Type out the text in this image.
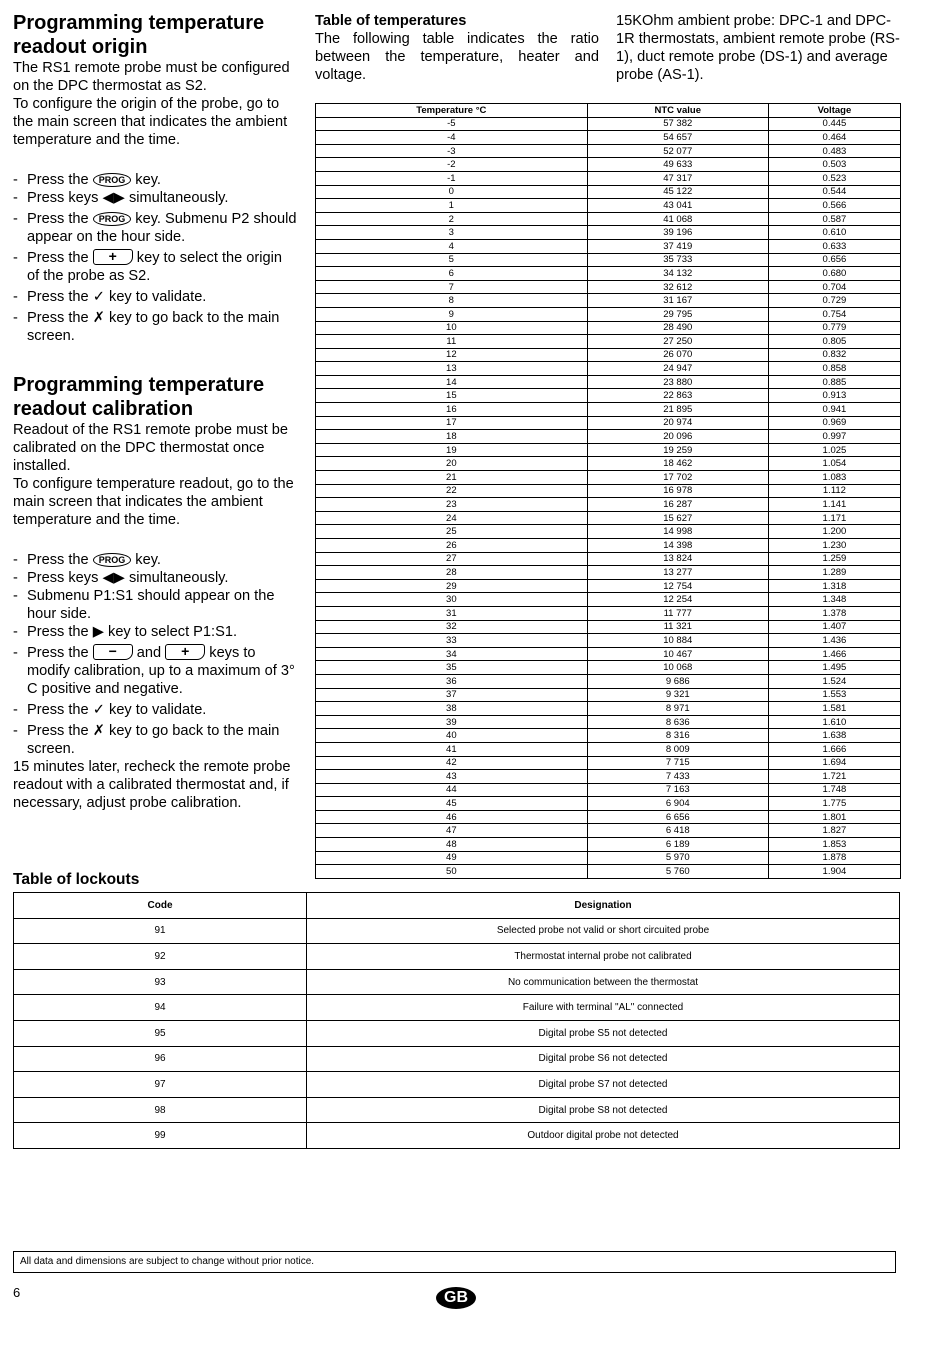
Programming temperature readout origin

The RS1 remote probe must be configured on the DPC thermostat as S2.

To configure the origin of the probe, go to the main screen that indicates the ambient temperature and the time.

- Press the PROG key.
- Press keys ◀▶ simultaneously.
- Press the PROG key. Submenu P2 should appear on the hour side.
- Press the + key to select the origin of the probe as S2.
- Press the ✓ key to validate.
- Press the ✗ key to go back to the main screen.
Programming temperature readout calibration

Readout of the RS1 remote probe must be calibrated on the DPC thermostat once installed.

To configure temperature readout, go to the main screen that indicates the ambient temperature and the time.

- Press the PROG key.
- Press keys ◀▶ simultaneously.
- Submenu P1:S1 should appear on the hour side.
- Press the ▶ key to select P1:S1.
- Press the − and + keys to modify calibration, up to a maximum of 3° C positive and negative.
- Press the ✓ key to validate.
- Press the ✗ key to go back to the main screen.

15 minutes later, recheck the remote probe readout with a calibrated thermostat and, if necessary, adjust probe calibration.

Table of temperatures

The following table indicates the ratio between the temperature, heater and voltage.

15KOhm ambient probe: DPC-1 and DPC-1R thermostats, ambient remote probe (RS-1), duct remote probe (DS-1) and average probe (AS-1).

Temperature °C	NTC value	Voltage
-5	57 382	0.445
-4	54 657	0.464
-3	52 077	0.483
-2	49 633	0.503
-1	47 317	0.523
0	45 122	0.544
1	43 041	0.566
2	41 068	0.587
3	39 196	0.610
4	37 419	0.633
5	35 733	0.656
6	34 132	0.680
7	32 612	0.704
8	31 167	0.729
9	29 795	0.754
10	28 490	0.779
11	27 250	0.805
12	26 070	0.832
13	24 947	0.858
14	23 880	0.885
15	22 863	0.913
16	21 895	0.941
17	20 974	0.969
18	20 096	0.997
19	19 259	1.025
20	18 462	1.054
21	17 702	1.083
22	16 978	1.112
23	16 287	1.141
24	15 627	1.171
25	14 998	1.200
26	14 398	1.230
27	13 824	1.259
28	13 277	1.289
29	12 754	1.318
30	12 254	1.348
31	11 777	1.378
32	11 321	1.407
33	10 884	1.436
34	10 467	1.466
35	10 068	1.495
36	9 686	1.524
37	9 321	1.553
38	8 971	1.581
39	8 636	1.610
40	8 316	1.638
41	8 009	1.666
42	7 715	1.694
43	7 433	1.721
44	7 163	1.748
45	6 904	1.775
46	6 656	1.801
47	6 418	1.827
48	6 189	1.853
49	5 970	1.878
50	5 760	1.904
Table of lockouts
Code	Designation
91	Selected probe not valid or short circuited probe
92	Thermostat internal probe not calibrated
93	No communication between the thermostat
94	Failure with terminal "AL" connected
95	Digital probe S5 not detected
96	Digital probe S6 not detected
97	Digital probe S7 not detected
98	Digital probe S8 not detected
99	Outdoor digital probe not detected
All data and dimensions are subject to change without prior notice.
6	GB
